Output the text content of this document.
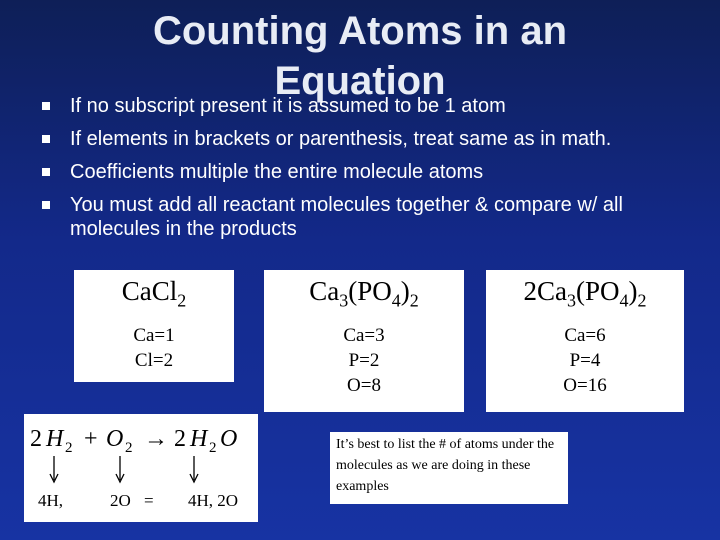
Counting Atoms in an Equation
If no subscript present it is assumed to be 1 atom
If elements in brackets or parenthesis, treat same as in math.
Coefficients multiple the entire molecule atoms
You must add all reactant molecules together & compare w/ all molecules in the products
CaCl$_2$
Ca=1
Cl=2
$Ca_3(PO_4)_2$
Ca=3
P=2
O=8
$2Ca_3(PO_4)_2$
Ca=6
P=4
O=16
2 H 2 + O 2 → 2 H 2 O
4H,	2O = 4H, 2O
It’s best to list the # of atoms under the molecules as we are doing in these examples
